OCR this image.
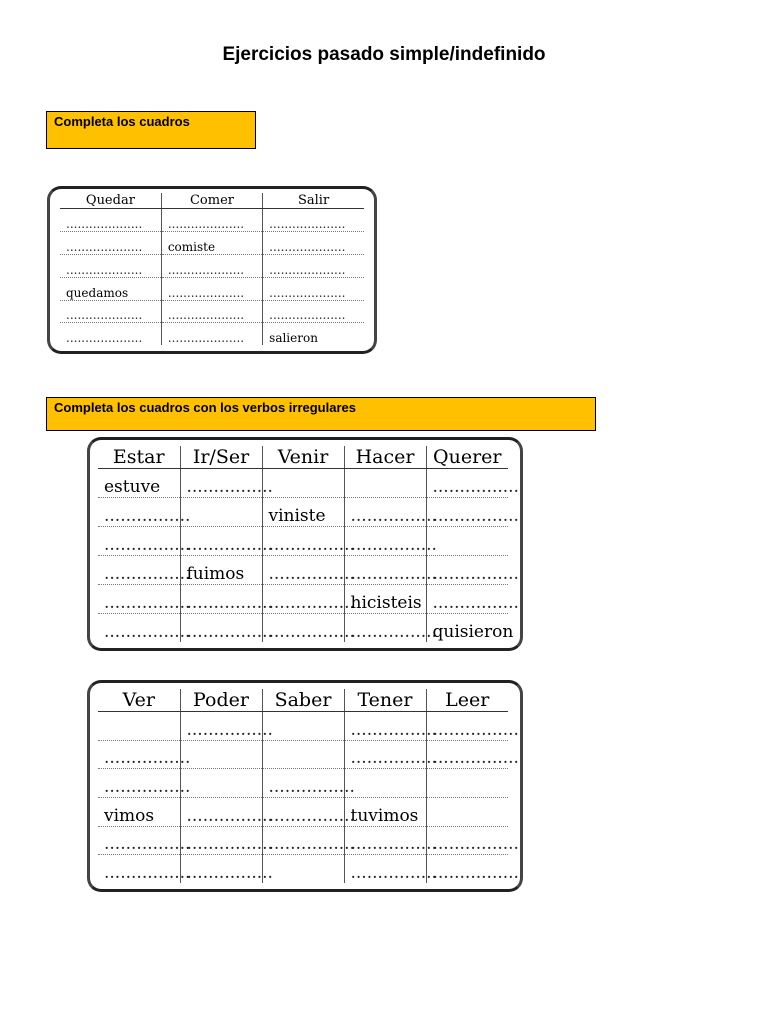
Ejercicios pasado simple/indefinido
Completa los cuadros
Quedar	Comer	Salir
....................	....................	....................
....................	comiste	....................
....................	....................	....................
quedamos	....................	....................
....................	....................	....................
....................	....................	salieron
Completa los cuadros con los verbos irregulares
Estar	Ir/Ser	Venir	Hacer	Querer
estuve	................			................
................		viniste	................	................
................	................	................	................	
................	fuimos	................	................	................
................	................	................	hicisteis	................
................	................	................	................	quisieron
Ver	Poder	Saber	Tener	Leer
	................		................	................
................			................	................
................		................		
vimos	................	................	tuvimos	
................	................	................	................	................
................	................		................	................
